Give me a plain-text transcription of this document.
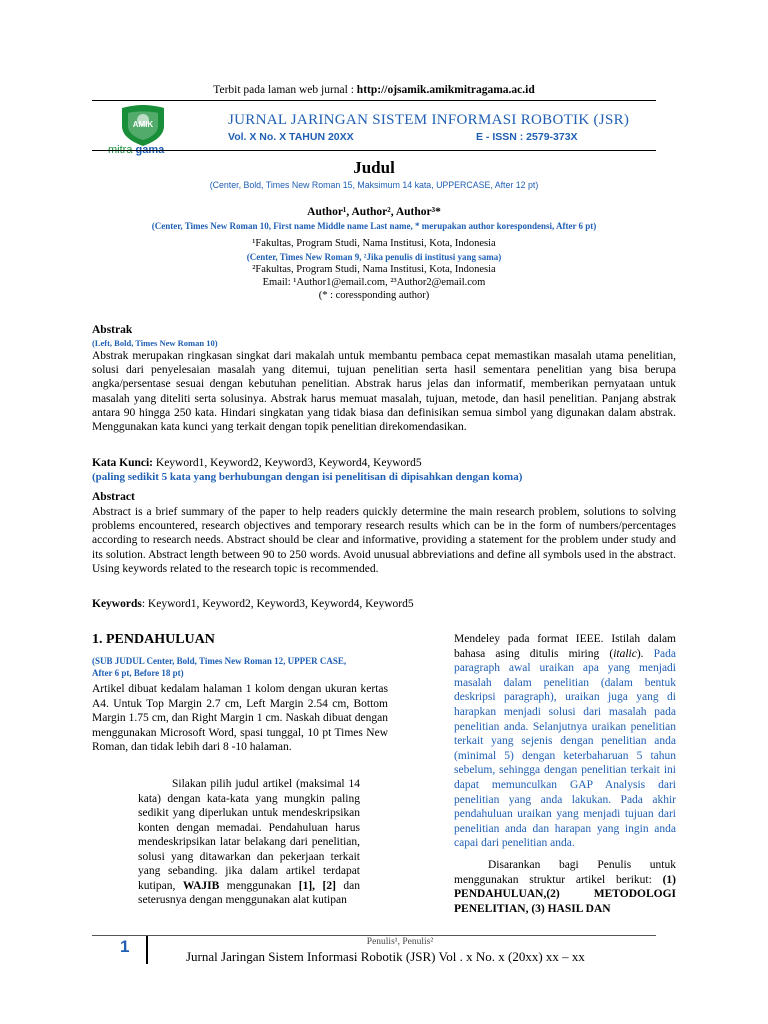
Terbit pada laman web jurnal : http://ojsamik.amikmitragama.ac.id
AMIK
mitra gama
JURNAL JARINGAN SISTEM INFORMASI ROBOTIK (JSR)
Vol. X No. X TAHUN 20XX	E - ISSN : 2579-373X
Judul
(Center, Bold, Times New Roman 15, Maksimum 14 kata, UPPERCASE, After 12 pt)
Author¹, Author², Author³*
(Center, Times New Roman 10, First name Middle name Last name, * merupakan author korespondensi, After 6 pt)
¹Fakultas, Program Studi, Nama Institusi, Kota, Indonesia
(Center, Times New Roman 9, ²Jika penulis di institusi yang sama)
²Fakultas, Program Studi, Nama Institusi, Kota, Indonesia
Email: ¹Author1@email.com, ²³Author2@email.com
(* : coressponding author)
Abstrak
(Left, Bold, Times New Roman 10)
Abstrak merupakan ringkasan singkat dari makalah untuk membantu pembaca cepat memastikan masalah utama penelitian, solusi dari penyelesaian masalah yang ditemui, tujuan penelitian serta hasil sementara penelitian yang bisa berupa angka/persentase sesuai dengan kebutuhan penelitian. Abstrak harus jelas dan informatif, memberikan pernyataan untuk masalah yang diteliti serta solusinya. Abstrak harus memuat masalah, tujuan, metode, dan hasil penelitian. Panjang abstrak antara 90 hingga 250 kata. Hindari singkatan yang tidak biasa dan definisikan semua simbol yang digunakan dalam abstrak. Menggunakan kata kunci yang terkait dengan topik penelitian direkomendasikan.
Kata Kunci: Keyword1, Keyword2, Keyword3, Keyword4, Keyword5
(paling sedikit 5 kata yang berhubungan dengan isi penelitisan di dipisahkan dengan koma)
Abstract
Abstract is a brief summary of the paper to help readers quickly determine the main research problem, solutions to solving problems encountered, research objectives and temporary research results which can be in the form of numbers/percentages according to research needs. Abstract should be clear and informative, providing a statement for the problem under study and its solution. Abstract length between 90 to 250 words. Avoid unusual abbreviations and define all symbols used in the abstract. Using keywords related to the research topic is recommended.
Keywords: Keyword1, Keyword2, Keyword3, Keyword4, Keyword5
1. PENDAHULUAN
(SUB JUDUL Center, Bold, Times New Roman 12, UPPER CASE, After 6 pt, Before 18 pt)
Artikel dibuat kedalam halaman 1 kolom dengan ukuran kertas A4. Untuk Top Margin 2.7 cm, Left Margin 2.54 cm, Bottom Margin 1.75 cm, dan Right Margin 1 cm. Naskah dibuat dengan menggunakan Microsoft Word, spasi tunggal, 10 pt Times New Roman, dan tidak lebih dari 8 -10 halaman.
Silakan pilih judul artikel (maksimal 14 kata) dengan kata-kata yang mungkin paling sedikit yang diperlukan untuk mendeskripsikan konten dengan memadai. Pendahuluan harus mendeskripsikan latar belakang dari penelitian, solusi yang ditawarkan dan pekerjaan terkait yang sebanding. jika dalam artikel terdapat kutipan, WAJIB menggunakan [1], [2] dan seterusnya dengan menggunakan alat kutipan
Mendeley pada format IEEE. Istilah dalam bahasa asing ditulis miring (italic). Pada paragraph awal uraikan apa yang menjadi masalah dalam penelitian (dalam bentuk deskripsi paragraph), uraikan juga yang di harapkan menjadi solusi dari masalah pada penelitian anda. Selanjutnya uraikan penelitian terkait yang sejenis dengan penelitian anda (minimal 5) dengan keterbaharuan 5 tahun sebelum, sehingga dengan penelitian terkait ini dapat memunculkan GAP Analysis dari penelitian yang anda lakukan. Pada akhir pendahuluan uraikan yang menjadi tujuan dari penelitian anda dan harapan yang ingin anda capai dari penelitian anda.
Disarankan bagi Penulis untuk menggunakan struktur artikel berikut: (1) PENDAHULUAN,(2) METODOLOGI PENELITIAN, (3) HASIL DAN
1	Penulis¹, Penulis²
Jurnal Jaringan Sistem Informasi Robotik (JSR) Vol . x No. x (20xx) xx – xx
